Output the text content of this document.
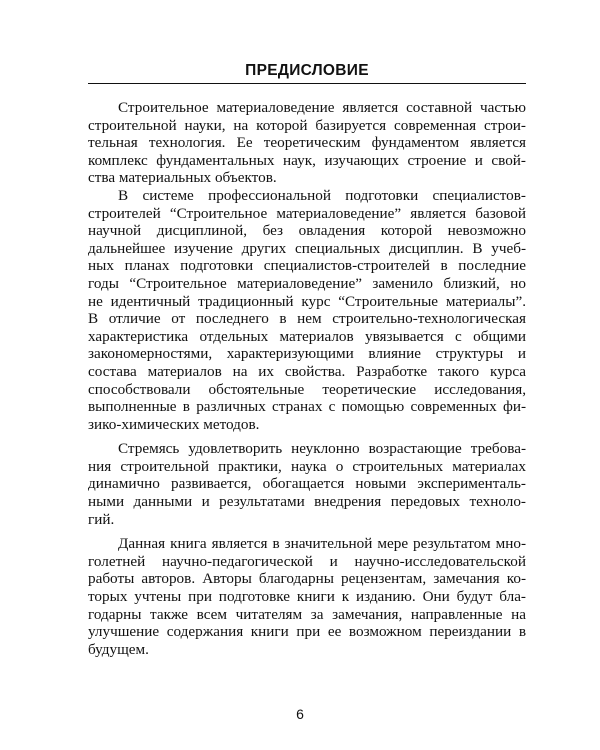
ПРЕДИСЛОВИЕ

Строительное материаловедение является составной частью
строительной науки, на которой базируется современная строи-
тельная технология. Ее теоретическим фундаментом является
комплекс фундаментальных наук, изучающих строение и свой-
ства материальных объектов.

В системе профессиональной подготовки специалистов-
строителей “Строительное материаловедение” является базовой
научной дисциплиной, без овладения которой невозможно
дальнейшее изучение других специальных дисциплин. В учеб-
ных планах подготовки специалистов-строителей в последние
годы “Строительное материаловедение” заменило близкий, но
не идентичный традиционный курс “Строительные материалы”.
В отличие от последнего в нем строительно-технологическая
характеристика отдельных материалов увязывается с общими
закономерностями, характеризующими влияние структуры и
состава материалов на их свойства. Разработке такого курса
способствовали обстоятельные теоретические исследования,
выполненные в различных странах с помощью современных фи-
зико-химических методов.

Стремясь удовлетворить неуклонно возрастающие требова-
ния строительной практики, наука о строительных материалах
динамично развивается, обогащается новыми эксперименталь-
ными данными и результатами внедрения передовых техноло-
гий.

Данная книга является в значительной мере результатом мно-
голетней научно-педагогической и научно-исследовательской
работы авторов. Авторы благодарны рецензентам, замечания ко-
торых учтены при подготовке книги к изданию. Они будут бла-
годарны также всем читателям за замечания, направленные на
улучшение содержания книги при ее возможном переиздании в
будущем.

6
